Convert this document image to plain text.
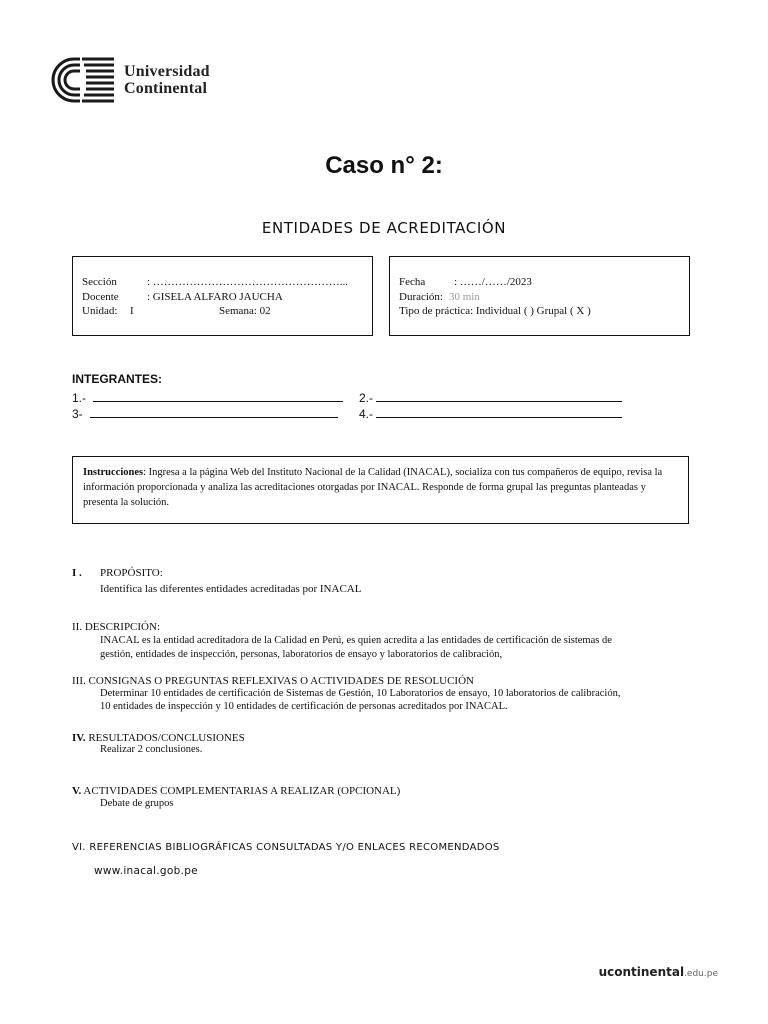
Universidad
Continental
Caso n° 2:
ENTIDADES DE ACREDITACIÓN
Sección	: ……………………………………………...
Docente	: GISELA ALFARO JAUCHA
Unidad: I	Semana: 02
Fecha	: ……/……/2023
Duración: 30 min
Tipo de práctica: Individual ( ) Grupal ( X )
INTEGRANTES:
1.-	2.-
3-	4.-
Instrucciones: Ingresa a la página Web del Instituto Nacional de la Calidad (INACAL), socializa con tus compañeros de equipo, revisa la información proporcionada y analiza las acreditaciones otorgadas por INACAL. Responde de forma grupal las preguntas planteadas y presenta la solución.
I . PROPÓSITO:
Identifica las diferentes entidades acreditadas por INACAL
II. DESCRIPCIÓN:
INACAL es la entidad acreditadora de la Calidad en Perú, es quien acredita a las entidades de certificación de sistemas de
gestión, entidades de inspección, personas, laboratorios de ensayo y laboratorios de calibración,
III. CONSIGNAS O PREGUNTAS REFLEXIVAS O ACTIVIDADES DE RESOLUCIÓN
Determinar 10 entidades de certificación de Sistemas de Gestión, 10 Laboratorios de ensayo, 10 laboratorios de calibración,
10 entidades de inspección y 10 entidades de certificación de personas acreditados por INACAL.
IV. RESULTADOS/CONCLUSIONES
Realizar 2 conclusiones.
V. ACTIVIDADES COMPLEMENTARIAS A REALIZAR (OPCIONAL)
Debate de grupos
VI. REFERENCIAS BIBLIOGRÁFICAS CONSULTADAS Y/O ENLACES RECOMENDADOS
www.inacal.gob.pe
ucontinental.edu.pe
